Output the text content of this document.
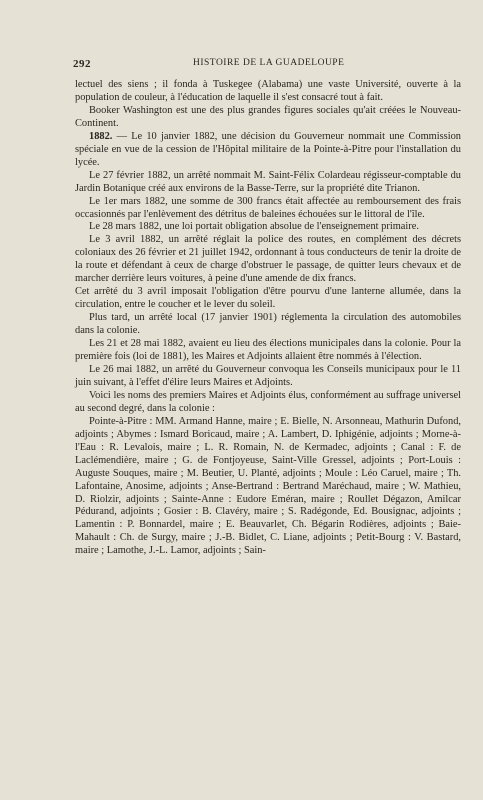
292	HISTOIRE DE LA GUADELOUPE

lectuel des siens ; il fonda à Tuskegee (Alabama) une vaste Université, ouverte à la population de couleur, à l'éducation de laquelle il s'est consacré tout à fait.

Booker Washington est une des plus grandes figures sociales qu'ait créées le Nouveau-Continent.

1882. — Le 10 janvier 1882, une décision du Gouverneur nommait une Commission spéciale en vue de la cession de l'Hôpital militaire de la Pointe-à-Pitre pour l'installation du lycée.

Le 27 février 1882, un arrêté nommait M. Saint-Félix Colardeau régisseur-comptable du Jardin Botanique créé aux environs de la Basse-Terre, sur la propriété dite Trianon.

Le 1er mars 1882, une somme de 300 francs était affectée au remboursement des frais occasionnés par l'enlèvement des détritus de baleines échouées sur le littoral de l'île.

Le 28 mars 1882, une loi portait obligation absolue de l'enseignement primaire.

Le 3 avril 1882, un arrêté réglait la police des routes, en complément des décrets coloniaux des 26 février et 21 juillet 1942, ordonnant à tous conducteurs de tenir la droite de la route et défendant à ceux de charge d'obstruer le passage, de quitter leurs chevaux et de marcher derrière leurs voitures, à peine d'une amende de dix francs.

Cet arrêté du 3 avril imposait l'obligation d'être pourvu d'une lanterne allumée, dans la circulation, entre le coucher et le lever du soleil.

Plus tard, un arrêté local (17 janvier 1901) réglementa la circulation des automobiles dans la colonie.

Les 21 et 28 mai 1882, avaient eu lieu des élections municipales dans la colonie. Pour la première fois (loi de 1881), les Maires et Adjoints allaient être nommés à l'élection.

Le 26 mai 1882, un arrêté du Gouverneur convoqua les Conseils municipaux pour le 11 juin suivant, à l'effet d'élire leurs Maires et Adjoints.

Voici les noms des premiers Maires et Adjoints élus, conformément au suffrage universel au second degré, dans la colonie :

Pointe-à-Pitre : MM. Armand Hanne, maire ; E. Bielle, N. Arsonneau, Mathurin Dufond, adjoints ; Abymes : Ismard Boricaud, maire ; A. Lambert, D. Iphigénie, adjoints ; Morne-à-l'Eau : R. Levalois, maire ; L. R. Romain, N. de Kermadec, adjoints ; Canal : F. de Laclémendière, maire ; G. de Fontjoyeuse, Saint-Ville Gressel, adjoints ; Port-Louis : Auguste Souques, maire ; M. Beutier, U. Planté, adjoints ; Moule : Léo Caruel, maire ; Th. Lafontaine, Anosime, adjoints ; Anse-Bertrand : Bertrand Maréchaud, maire ; W. Mathieu, D. Riolzir, adjoints ; Sainte-Anne : Eudore Eméran, maire ; Roullet Dégazon, Amilcar Pédurand, adjoints ; Gosier : B. Clavéry, maire ; S. Radégonde, Ed. Bousignac, adjoints ; Lamentin : P. Bonnardel, maire ; E. Beauvarlet, Ch. Bégarin Rodières, adjoints ; Baie-Mahault : Ch. de Surgy, maire ; J.-B. Bidlet, C. Liane, adjoints ; Petit-Bourg : V. Bastard, maire ; Lamothe, J.-L. Lamor, adjoints ; Sain-
